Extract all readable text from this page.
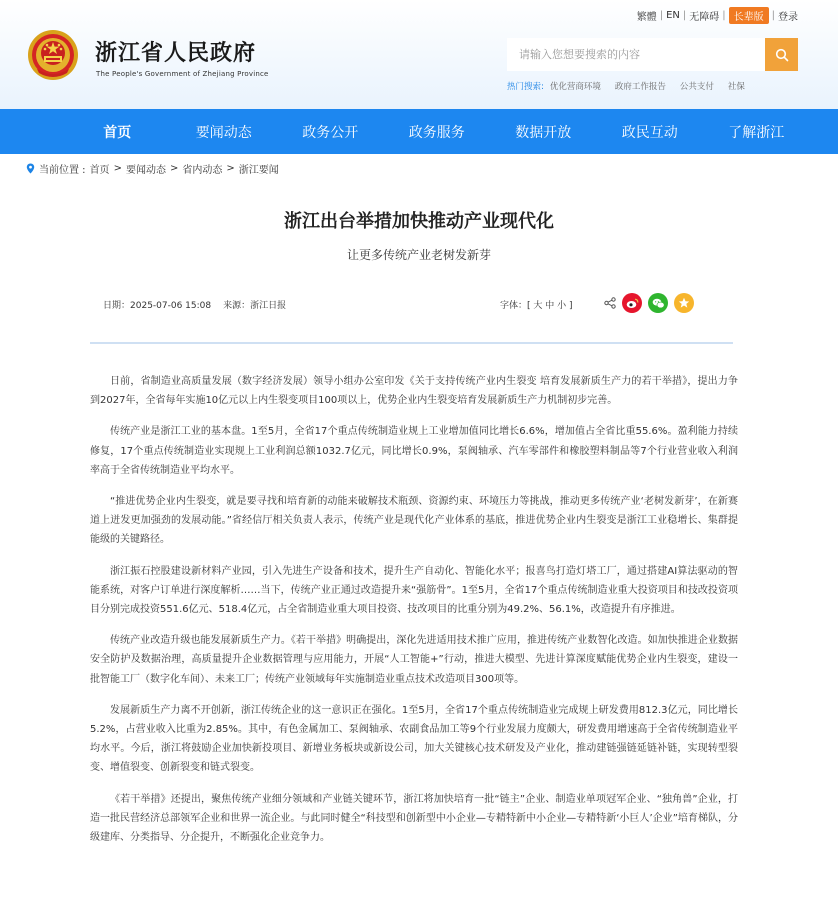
繁體 | EN | 无障碍 | 长辈版 | 登录
浙江省人民政府
The People's Government of Zhejiang Province
请输入您想要搜索的内容
热门搜索: 优化营商环境 政府工作报告 公共支付 社保
首页	要闻动态	政务公开	政务服务	数据开放	政民互动	了解浙江
当前位置 : 首页 > 要闻动态 > 省内动态 > 浙江要闻
浙江出台举措加快推动产业现代化
让更多传统产业老树发新芽
日期：2025-07-06 15:08 来源：浙江日报	字体：[ 大 中 小 ]

日前，省制造业高质量发展（数字经济发展）领导小组办公室印发《关于支持传统产业内生裂变 培育发展新质生产力的若干举措》，提出力争到2027年，全省每年实施10亿元以上内生裂变项目100项以上，优势企业内生裂变培育发展新质生产力机制初步完善。

传统产业是浙江工业的基本盘。1至5月，全省17个重点传统制造业规上工业增加值同比增长6.6%，增加值占全省比重55.6%。盈利能力持续修复，17个重点传统制造业实现规上工业利润总额1032.7亿元，同比增长0.9%，泵阀轴承、汽车零部件和橡胶塑料制品等7个行业营业收入利润率高于全省传统制造业平均水平。

“推进优势企业内生裂变，就是要寻找和培育新的动能来破解技术瓶颈、资源约束、环境压力等挑战，推动更多传统产业‘老树发新芽’，在新赛道上迸发更加强劲的发展动能。”省经信厅相关负责人表示，传统产业是现代化产业体系的基底，推进优势企业内生裂变是浙江工业稳增长、集群提能级的关键路径。

浙江振石控股建设新材料产业园，引入先进生产设备和技术，提升生产自动化、智能化水平；报喜鸟打造灯塔工厂，通过搭建AI算法驱动的智能系统，对客户订单进行深度解析……当下，传统产业正通过改造提升来“强筋骨”。1至5月，全省17个重点传统制造业重大投资项目和技改投资项目分别完成投资551.6亿元、518.4亿元，占全省制造业重大项目投资、技改项目的比重分别为49.2%、56.1%，改造提升有序推进。

传统产业改造升级也能发展新质生产力。《若干举措》明确提出，深化先进适用技术推广应用，推进传统产业数智化改造。如加快推进企业数据安全防护及数据治理，高质量提升企业数据管理与应用能力，开展“人工智能+”行动，推进大模型、先进计算深度赋能优势企业内生裂变，建设一批智能工厂（数字化车间）、未来工厂；传统产业领域每年实施制造业重点技术改造项目300项等。

发展新质生产力离不开创新，浙江传统企业的这一意识正在强化。1至5月，全省17个重点传统制造业完成规上研发费用812.3亿元，同比增长5.2%，占营业收入比重为2.85%。其中，有色金属加工、泵阀轴承、农副食品加工等9个行业发展力度颇大，研发费用增速高于全省传统制造业平均水平。今后，浙江将鼓励企业加快新投项目、新增业务板块或新设公司，加大关键核心技术研发及产业化，推动建链强链延链补链，实现转型裂变、增值裂变、创新裂变和链式裂变。

《若干举措》还提出，聚焦传统产业细分领域和产业链关键环节，浙江将加快培育一批“链主”企业、制造业单项冠军企业、“独角兽”企业，打造一批民营经济总部领军企业和世界一流企业。与此同时健全“科技型和创新型中小企业—专精特新中小企业—专精特新‘小巨人’企业”培育梯队，分级建库、分类指导、分企提升，不断强化企业竞争力。
